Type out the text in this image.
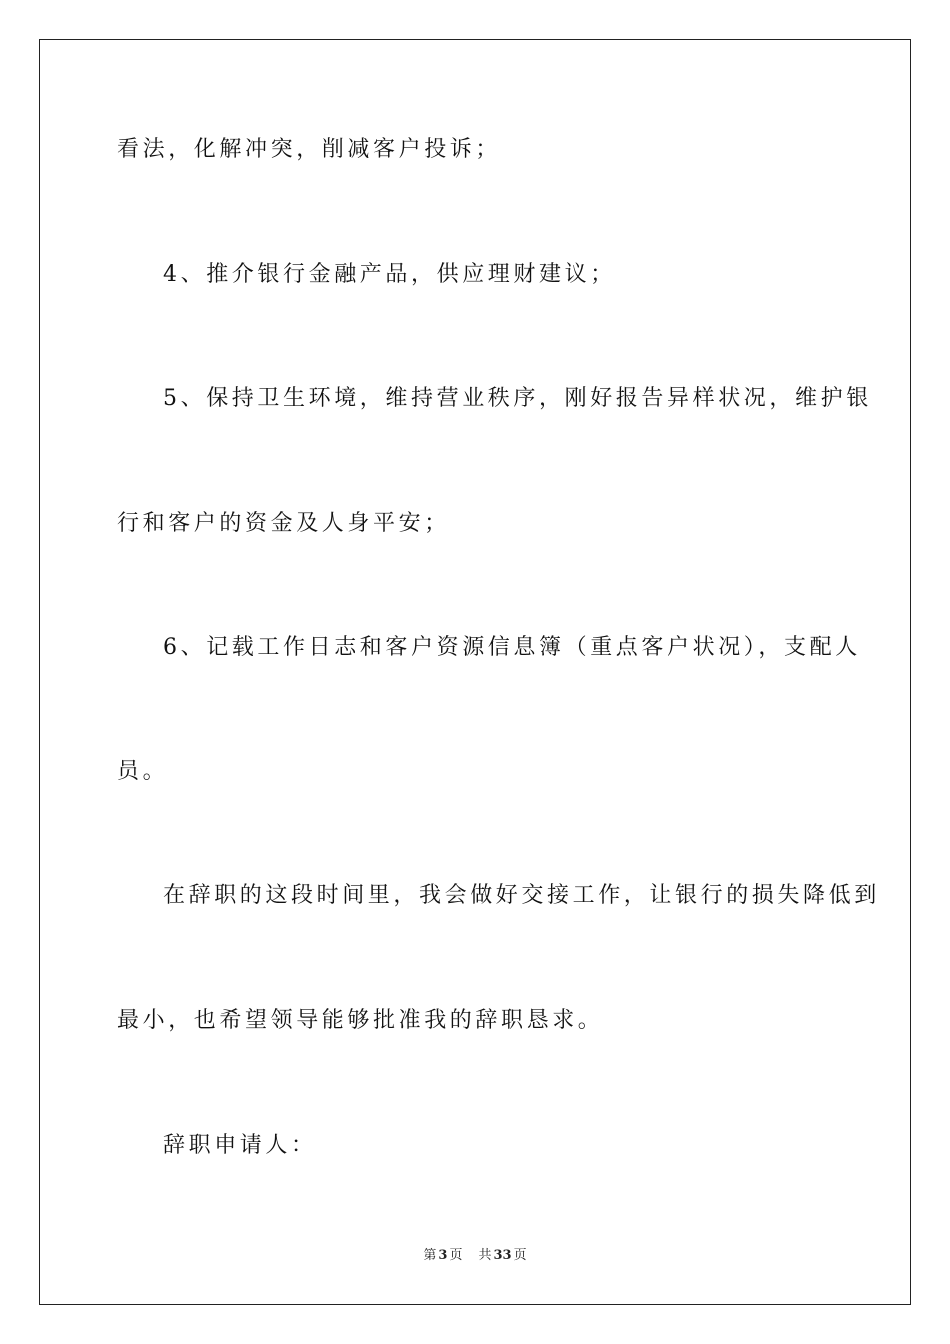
看法，化解冲突，削减客户投诉；

4、推介银行金融产品，供应理财建议；

5、保持卫生环境，维持营业秩序，刚好报告异样状况，维护银

行和客户的资金及人身平安；

6、记载工作日志和客户资源信息簿（重点客户状况），支配人

员。

在辞职的这段时间里，我会做好交接工作，让银行的损失降低到

最小，也希望领导能够批准我的辞职恳求。

辞职申请人：

第 3 页 共 33 页
